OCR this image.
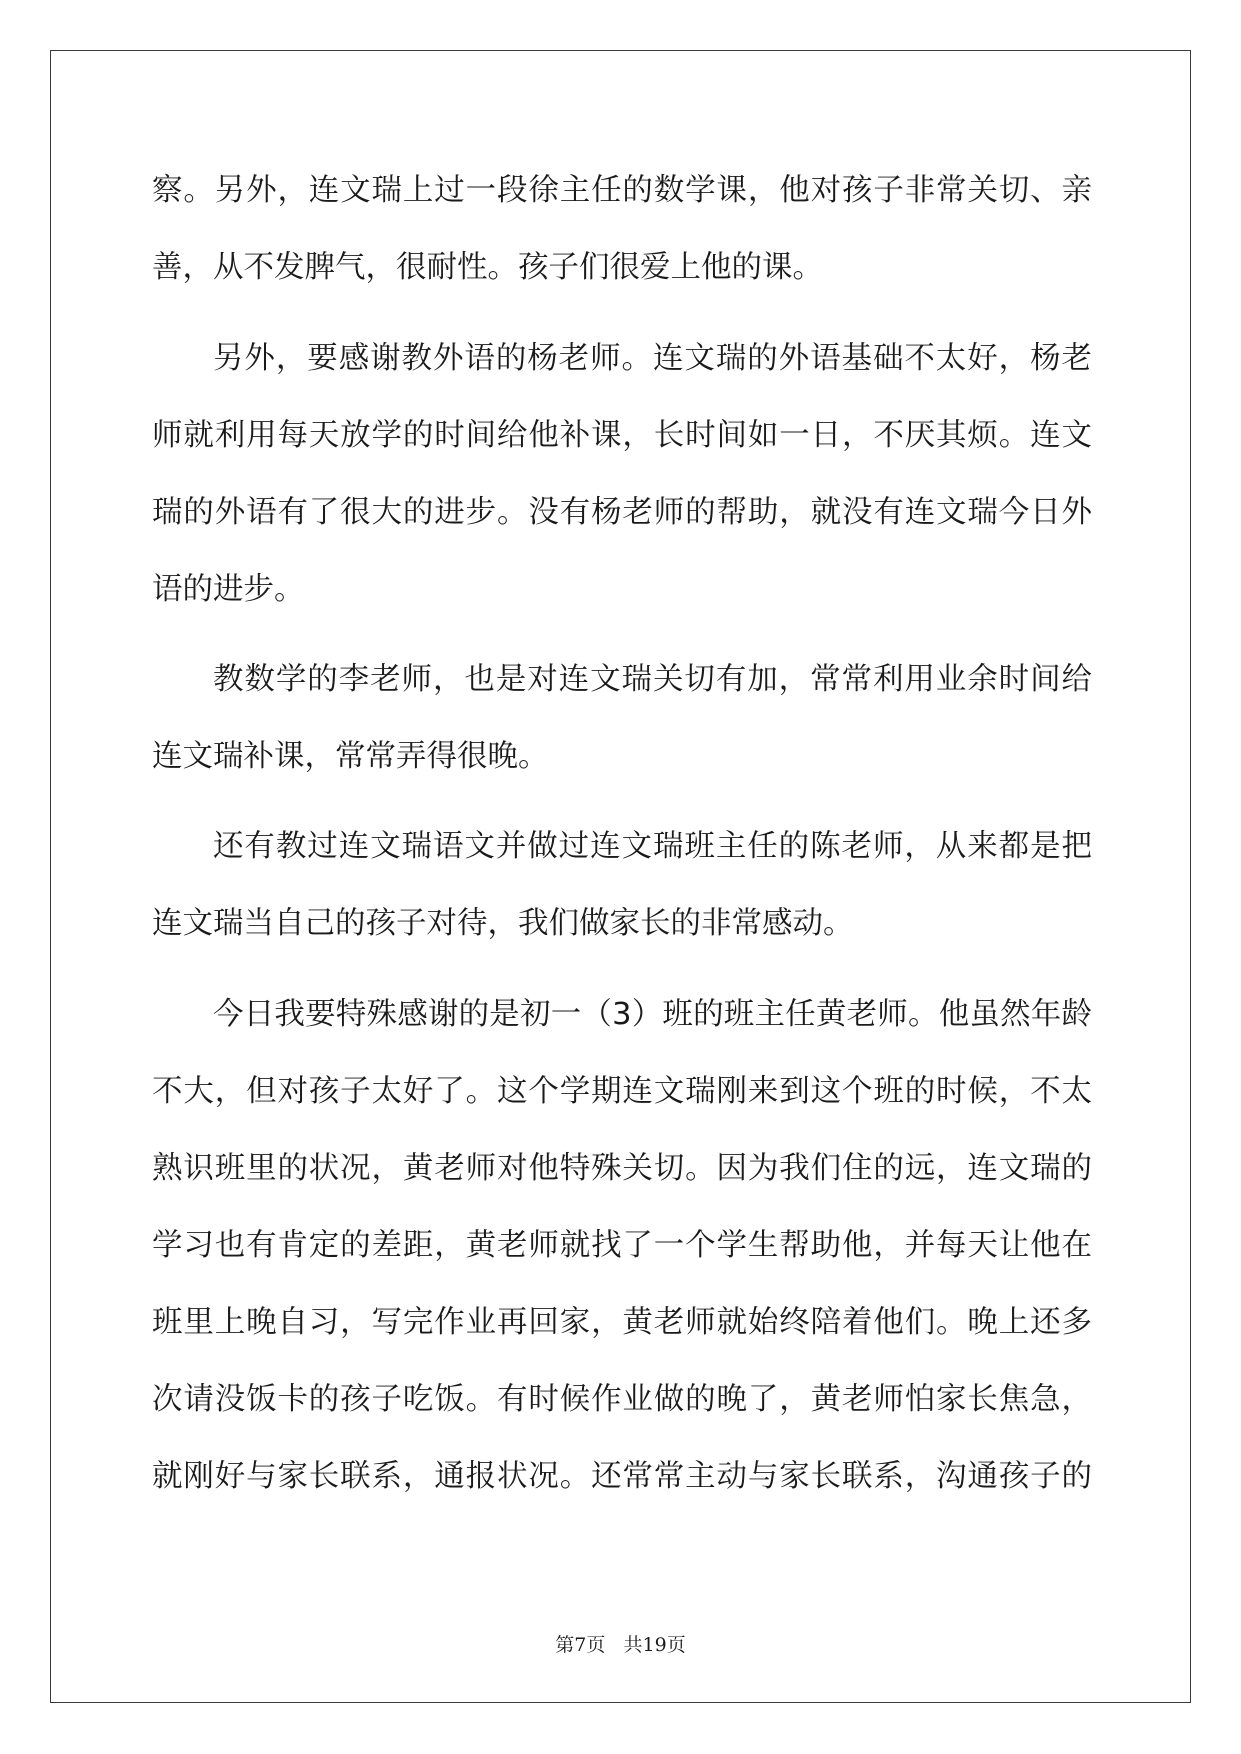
察。另外，连文瑞上过一段徐主任的数学课，他对孩子非常关切、亲
善，从不发脾气，很耐性。孩子们很爱上他的课。
另外，要感谢教外语的杨老师。连文瑞的外语基础不太好，杨老
师就利用每天放学的时间给他补课，长时间如一日，不厌其烦。连文
瑞的外语有了很大的进步。没有杨老师的帮助，就没有连文瑞今日外
语的进步。
教数学的李老师，也是对连文瑞关切有加，常常利用业余时间给
连文瑞补课，常常弄得很晚。
还有教过连文瑞语文并做过连文瑞班主任的陈老师，从来都是把
连文瑞当自己的孩子对待，我们做家长的非常感动。
今日我要特殊感谢的是初一（3）班的班主任黄老师。他虽然年龄
不大，但对孩子太好了。这个学期连文瑞刚来到这个班的时候，不太
熟识班里的状况，黄老师对他特殊关切。因为我们住的远，连文瑞的
学习也有肯定的差距，黄老师就找了一个学生帮助他，并每天让他在
班里上晚自习，写完作业再回家，黄老师就始终陪着他们。晚上还多
次请没饭卡的孩子吃饭。有时候作业做的晚了，黄老师怕家长焦急，
就刚好与家长联系，通报状况。还常常主动与家长联系，沟通孩子的
第7页 共19页
